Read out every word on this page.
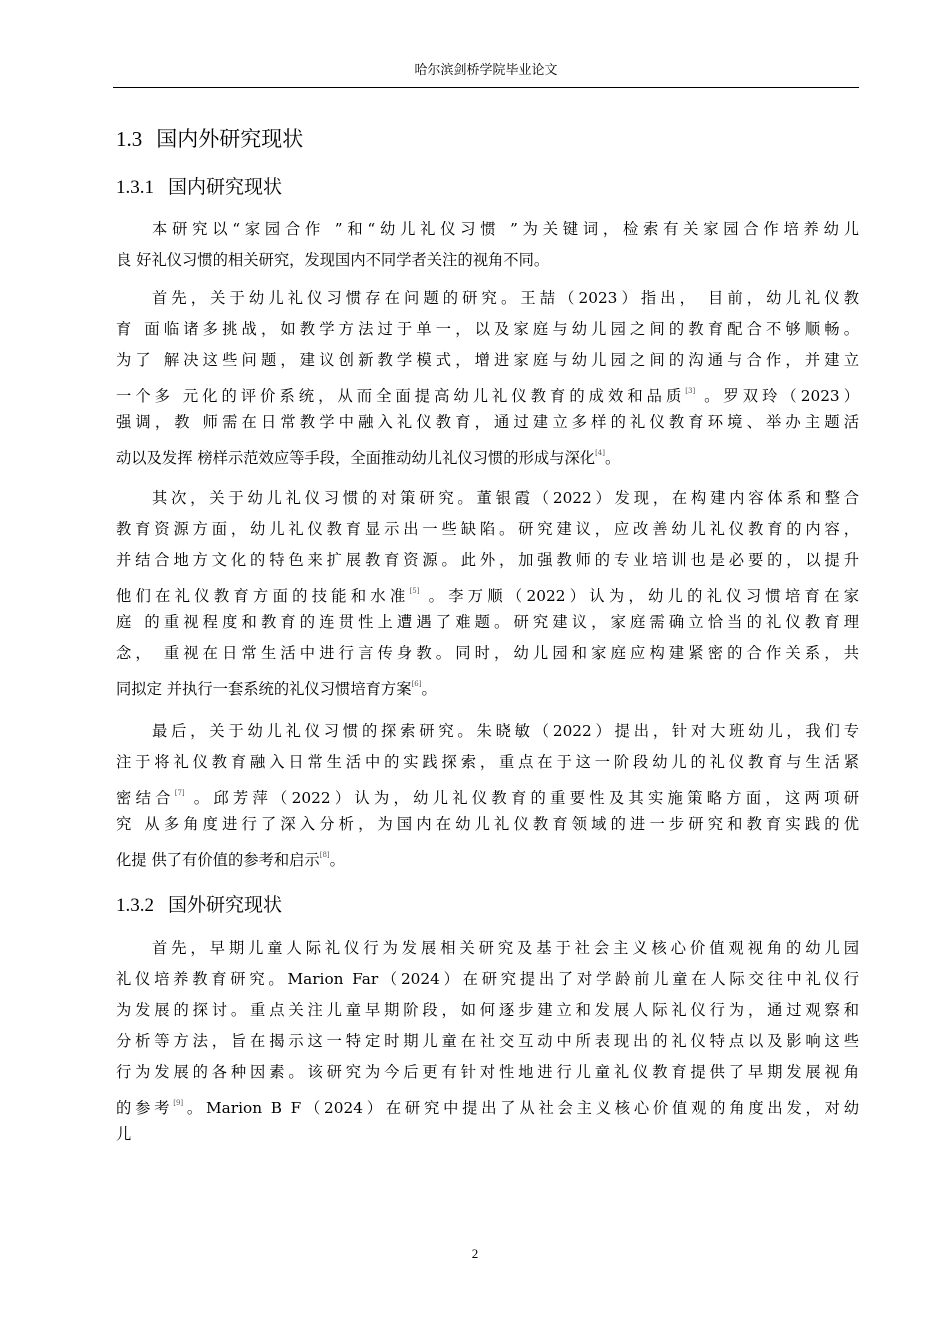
哈尔滨剑桥学院毕业论文
1.3 国内外研究现状
1.3.1 国内研究现状
本研究以“家园合作 ”和“幼儿礼仪习惯 ”为关键词，检索有关家园合作培养幼儿
良 好礼仪习惯的相关研究，发现国内不同学者关注的视角不同。
首先，关于幼儿礼仪习惯存在问题的研究。王喆（2023）指出， 目前，幼儿礼仪教
育 面临诸多挑战，如教学方法过于单一，以及家庭与幼儿园之间的教育配合不够顺畅。
为了 解决这些问题，建议创新教学模式，增进家庭与幼儿园之间的沟通与合作，并建立
一个多 元化的评价系统，从而全面提高幼儿礼仪教育的成效和品质[3] 。罗双玲（2023）
强调，教 师需在日常教学中融入礼仪教育，通过建立多样的礼仪教育环境、举办主题活
动以及发挥 榜样示范效应等手段，全面推动幼儿礼仪习惯的形成与深化[4]。
其次，关于幼儿礼仪习惯的对策研究。董银霞（2022）发现，在构建内容体系和整合
教育资源方面，幼儿礼仪教育显示出一些缺陷。研究建议，应改善幼儿礼仪教育的内容，
并结合地方文化的特色来扩展教育资源。此外，加强教师的专业培训也是必要的，以提升
他们在礼仪教育方面的技能和水准[5] 。李万顺（2022）认为，幼儿的礼仪习惯培育在家
庭 的重视程度和教育的连贯性上遭遇了难题。研究建议，家庭需确立恰当的礼仪教育理
念， 重视在日常生活中进行言传身教。同时，幼儿园和家庭应构建紧密的合作关系，共
同拟定 并执行一套系统的礼仪习惯培育方案[6]。
最后，关于幼儿礼仪习惯的探索研究。朱晓敏（2022）提出，针对大班幼儿，我们专
注于将礼仪教育融入日常生活中的实践探索，重点在于这一阶段幼儿的礼仪教育与生活紧
密结合[7] 。邱芳萍（2022）认为，幼儿礼仪教育的重要性及其实施策略方面，这两项研
究 从多角度进行了深入分析，为国内在幼儿礼仪教育领域的进一步研究和教育实践的优
化提 供了有价值的参考和启示[8]。
1.3.2 国外研究现状
首先，早期儿童人际礼仪行为发展相关研究及基于社会主义核心价值观视角的幼儿园
礼仪培养教育研究。Marion Far（2024）在研究提出了对学龄前儿童在人际交往中礼仪行
为发展的探讨。重点关注儿童早期阶段，如何逐步建立和发展人际礼仪行为，通过观察和
分析等方法，旨在揭示这一特定时期儿童在社交互动中所表现出的礼仪特点以及影响这些
行为发展的各种因素。该研究为今后更有针对性地进行儿童礼仪教育提供了早期发展视角
的参考[9]。Marion B F（2024）在研究中提出了从社会主义核心价值观的角度出发，对幼
儿
2
